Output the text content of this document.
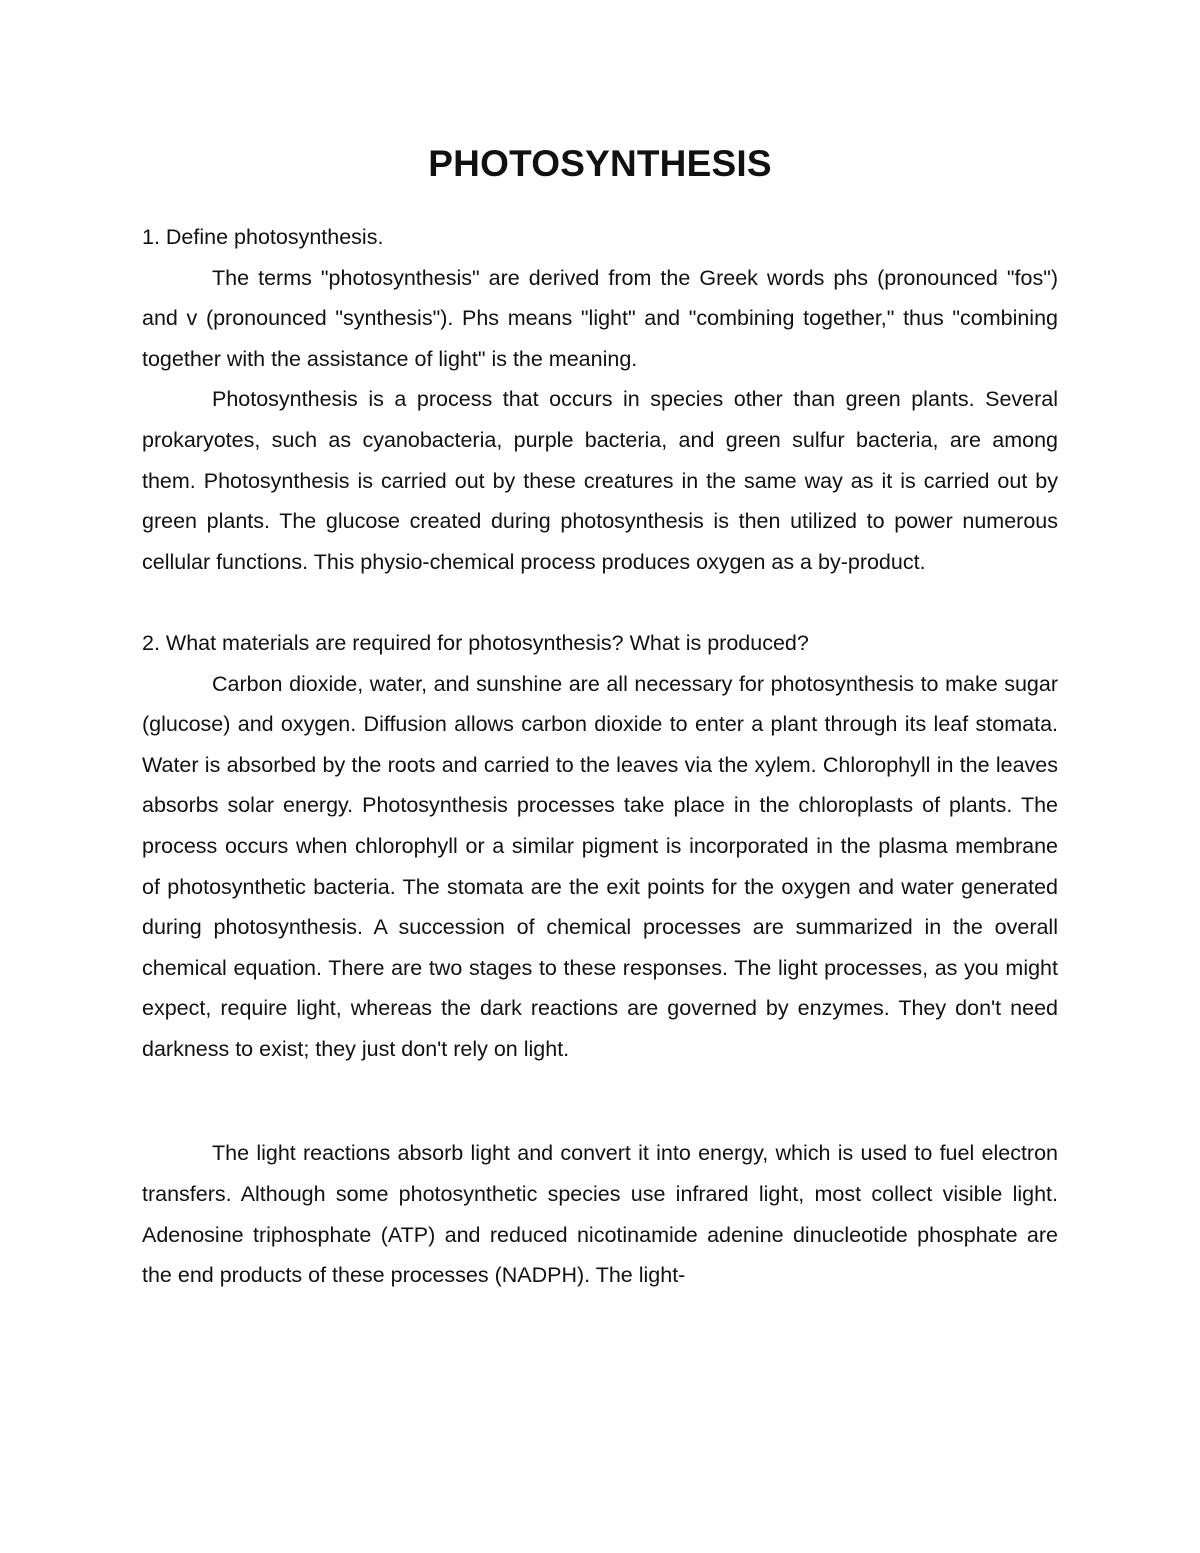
PHOTOSYNTHESIS

1. Define photosynthesis.

The terms "photosynthesis" are derived from the Greek words phs (pronounced "fos") and v (pronounced "synthesis"). Phs means "light" and "combining together," thus "combining together with the assistance of light" is the meaning.

Photosynthesis is a process that occurs in species other than green plants. Several prokaryotes, such as cyanobacteria, purple bacteria, and green sulfur bacteria, are among them. Photosynthesis is carried out by these creatures in the same way as it is carried out by green plants. The glucose created during photosynthesis is then utilized to power numerous cellular functions. This physio-chemical process produces oxygen as a by-product.

2. What materials are required for photosynthesis? What is produced?

Carbon dioxide, water, and sunshine are all necessary for photosynthesis to make sugar (glucose) and oxygen. Diffusion allows carbon dioxide to enter a plant through its leaf stomata. Water is absorbed by the roots and carried to the leaves via the xylem. Chlorophyll in the leaves absorbs solar energy. Photosynthesis processes take place in the chloroplasts of plants. The process occurs when chlorophyll or a similar pigment is incorporated in the plasma membrane of photosynthetic bacteria. The stomata are the exit points for the oxygen and water generated during photosynthesis. A succession of chemical processes are summarized in the overall chemical equation. There are two stages to these responses. The light processes, as you might expect, require light, whereas the dark reactions are governed by enzymes. They don't need darkness to exist; they just don't rely on light.

The light reactions absorb light and convert it into energy, which is used to fuel electron transfers. Although some photosynthetic species use infrared light, most collect visible light. Adenosine triphosphate (ATP) and reduced nicotinamide adenine dinucleotide phosphate are the end products of these processes (NADPH). The light-
